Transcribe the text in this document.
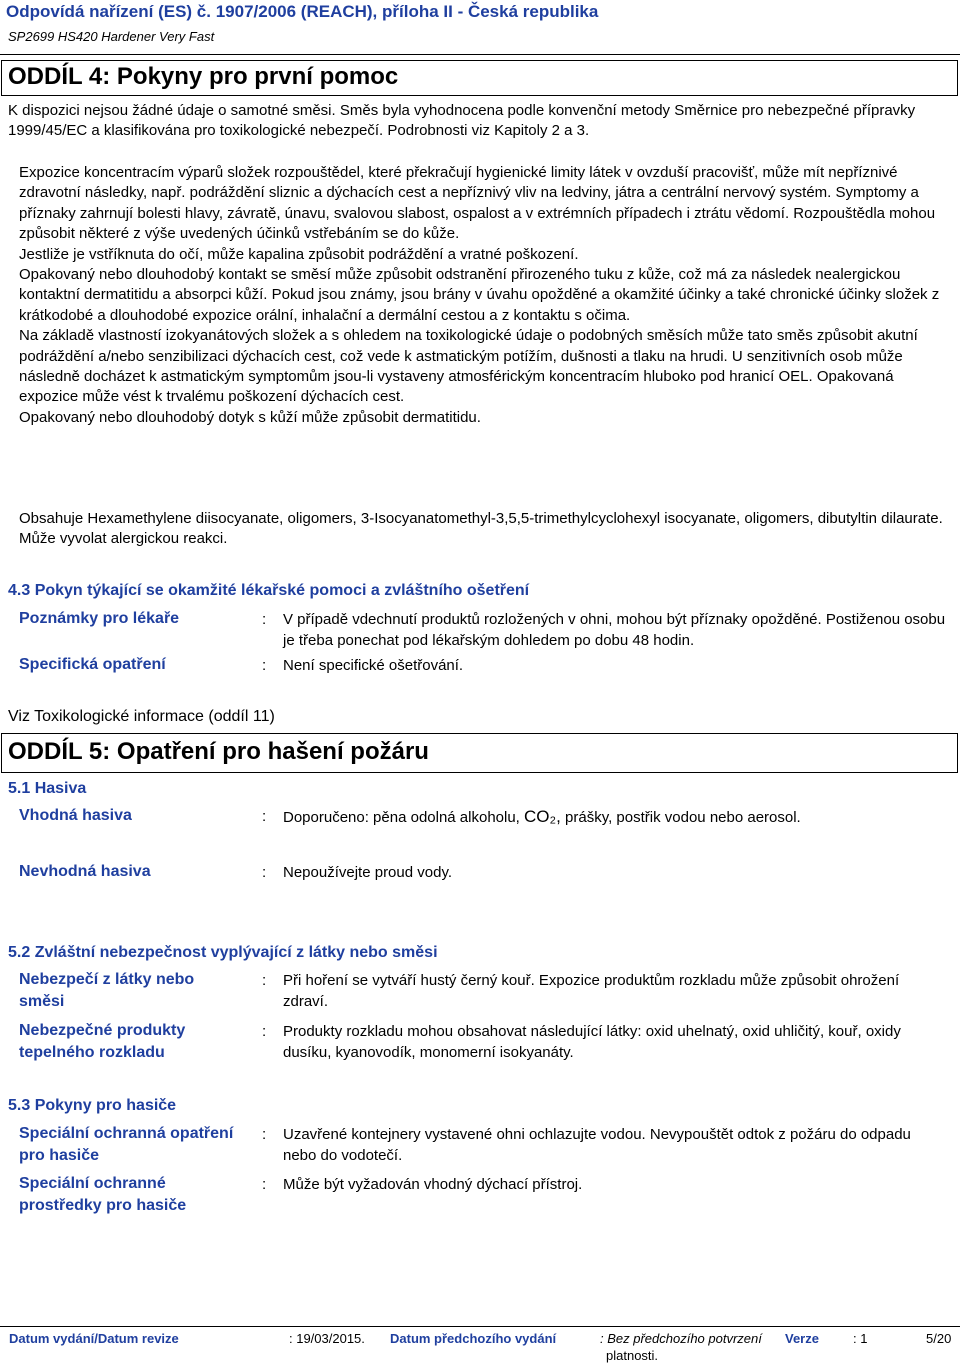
Odpovídá nařízení (ES) č. 1907/2006 (REACH), příloha II - Česká republika
SP2699 HS420 Hardener Very Fast
ODDÍL 4: Pokyny pro první pomoc
K dispozici nejsou žádné údaje o samotné směsi. Směs byla vyhodnocena podle konvenční metody Směrnice pro nebezpečné přípravky 1999/45/EC a klasifikována pro toxikologické nebezpečí. Podrobnosti viz Kapitoly 2 a 3.
Expozice koncentracím výparů složek rozpouštědel, které překračují hygienické limity látek v ovzduší pracovišť, může mít nepříznivé zdravotní následky, např. podráždění sliznic a dýchacích cest a nepříznivý vliv na ledviny, játra a centrální nervový systém. Symptomy a příznaky zahrnují bolesti hlavy, závratě, únavu, svalovou slabost, ospalost a v extrémních případech i ztrátu vědomí. Rozpouštědla mohou způsobit některé z výše uvedených účinků vstřebáním se do kůže.
Jestliže je vstříknuta do očí, může kapalina způsobit podráždění a vratné poškození.
Opakovaný nebo dlouhodobý kontakt se směsí může způsobit odstranění přirozeného tuku z kůže, což má za následek nealergickou kontaktní dermatitidu a absorpci kůží. Pokud jsou známy, jsou brány v úvahu opožděné a okamžité účinky a také chronické účinky složek z krátkodobé a dlouhodobé expozice orální, inhalační a dermální cestou a z kontaktu s očima.
Na základě vlastností izokyanátových složek a s ohledem na toxikologické údaje o podobných směsích může tato směs způsobit akutní podráždění a/nebo senzibilizaci dýchacích cest, což vede k astmatickým potížím, dušnosti a tlaku na hrudi. U senzitivních osob může následně docházet k astmatickým symptomům jsou-li vystaveny atmosférickým koncentracím hluboko pod hranicí OEL. Opakovaná expozice může vést k trvalému poškození dýchacích cest.
Opakovaný nebo dlouhodobý dotyk s kůží může způsobit dermatitidu.
Obsahuje Hexamethylene diisocyanate, oligomers, 3-Isocyanatomethyl-3,5,5-trimethylcyclohexyl isocyanate, oligomers, dibutyltin dilaurate. Může vyvolat alergickou reakci.
4.3 Pokyn týkající se okamžité lékařské pomoci a zvláštního ošetření
Poznámky pro lékaře	: V případě vdechnutí produktů rozložených v ohni, mohou být příznaky opožděné. Postiženou osobu je třeba ponechat pod lékařským dohledem po dobu 48 hodin.
Specifická opatření	: Není specifické ošetřování.
Viz Toxikologické informace (oddíl 11)
ODDÍL 5: Opatření pro hašení požáru
5.1 Hasiva
Vhodná hasiva	: Doporučeno: pěna odolná alkoholu, CO₂, prášky, postřik vodou nebo aerosol.
Nevhodná hasiva	: Nepoužívejte proud vody.
5.2 Zvláštní nebezpečnost vyplývající z látky nebo směsi
Nebezpečí z látky nebo směsi
: Při hoření se vytváří hustý černý kouř. Expozice produktům rozkladu může způsobit ohrožení zdraví.
Nebezpečné produkty tepelného rozkladu
: Produkty rozkladu mohou obsahovat následující látky: oxid uhelnatý, oxid uhličitý, kouř, oxidy dusíku, kyanovodík, monomerní isokyanáty.
5.3 Pokyny pro hasiče
Speciální ochranná opatření pro hasiče
: Uzavřené kontejnery vystavené ohni ochlazujte vodou. Nevypouštět odtok z požáru do odpadu nebo do vodotečí.
Speciální ochranné prostředky pro hasiče
: Může být vyžadován vhodný dýchací přístroj.
Datum vydání/Datum revize	: 19/03/2015. Datum předchozího vydání	: Bez předchozího potvrzení
platnosti.
Verze	: 1	5/20
